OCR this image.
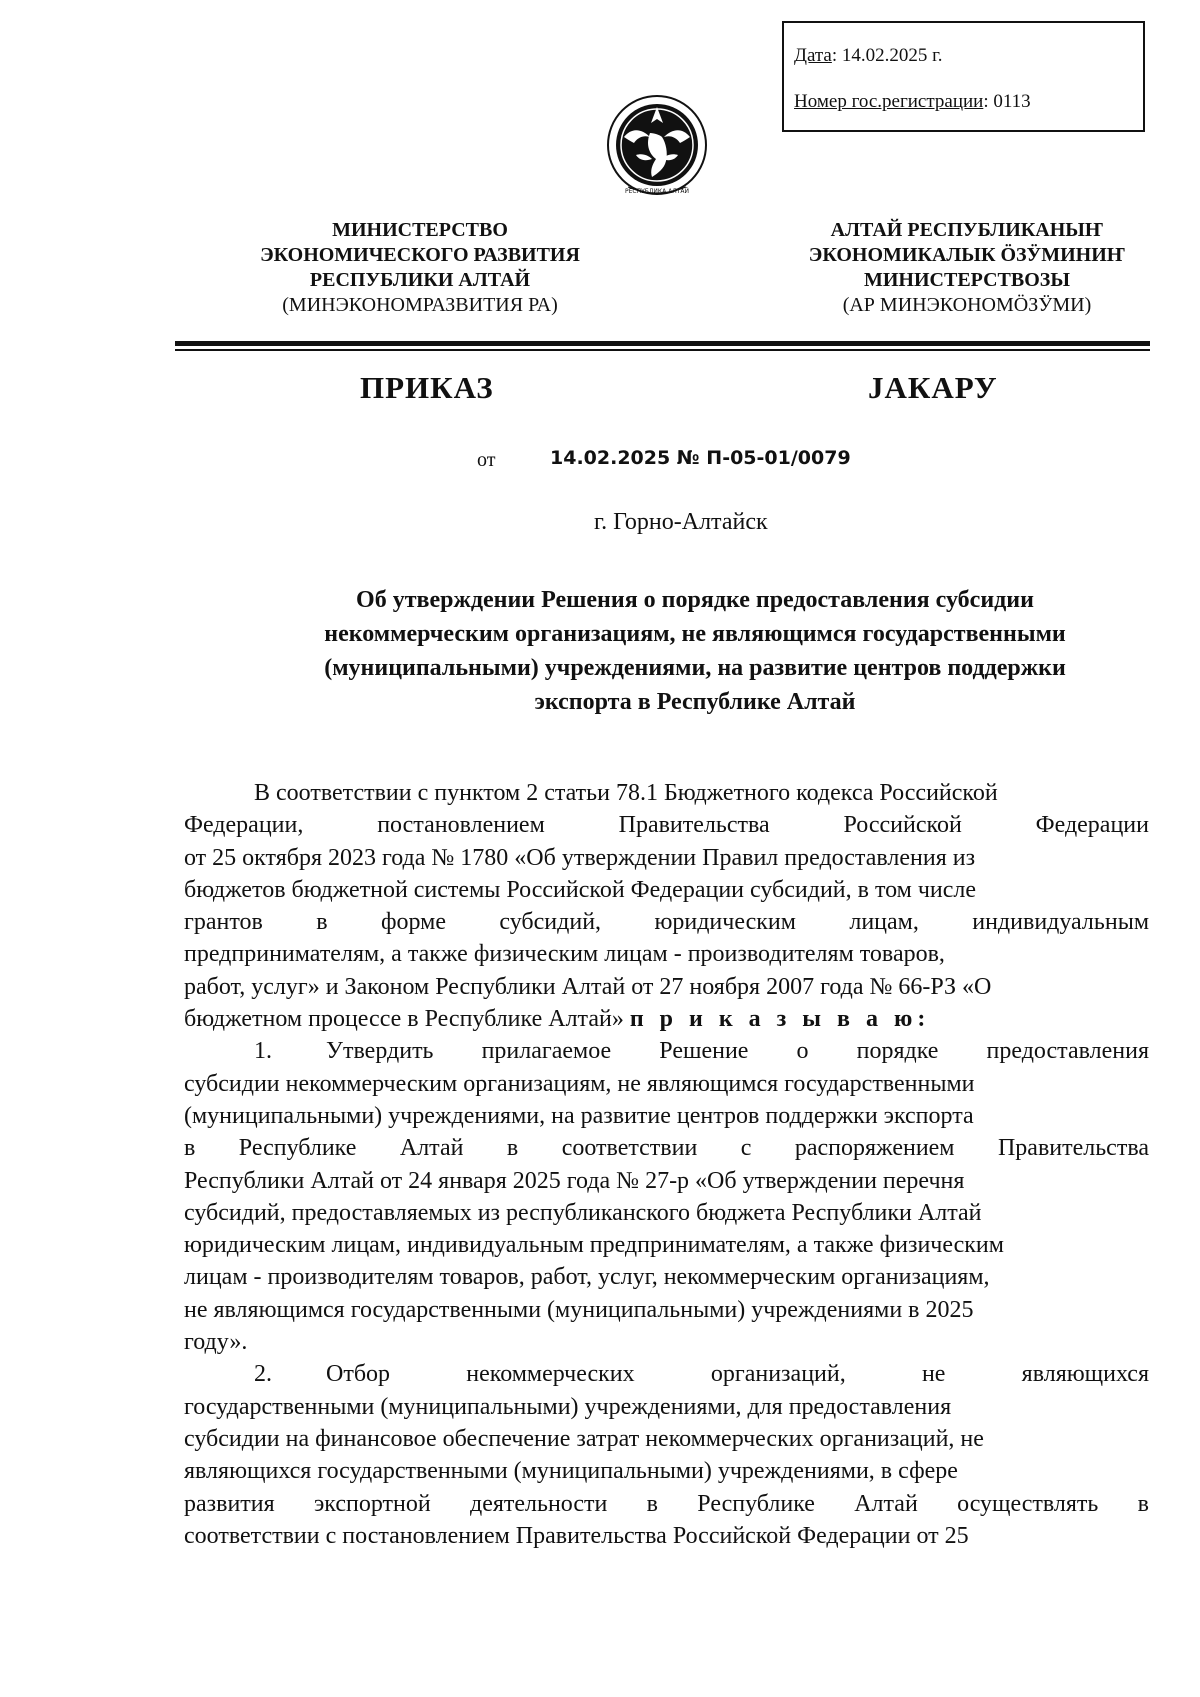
Дата: 14.02.2025 г.
Номер гос.регистрации: 0113
РЕСПУБЛИКА АЛТАЙ
МИНИСТЕРСТВО
ЭКОНОМИЧЕСКОГО РАЗВИТИЯ
РЕСПУБЛИКИ АЛТАЙ
(МИНЭКОНОМРАЗВИТИЯ РА)
АЛТАЙ РЕСПУБЛИКАНЫҤ
ЭКОНОМИКАЛЫК ÖЗӰМИНИҤ
МИНИСТЕРСТВОЗЫ
(АР МИНЭКОНОМÖЗӰМИ)
ПРИКАЗ	ЈАКАРУ
от	14.02.2025 № П-05-01/0079
г. Горно-Алтайск
Об утверждении Решения о порядке предоставления субсидии
некоммерческим организациям, не являющимся государственными
(муниципальными) учреждениями, на развитие центров поддержки
экспорта в Республике Алтай
В соответствии с пунктом 2 статьи 78.1 Бюджетного кодекса Российской
Федерации, постановлением Правительства Российской Федерации
от 25 октября 2023 года № 1780 «Об утверждении Правил предоставления из
бюджетов бюджетной системы Российской Федерации субсидий, в том числе
грантов в форме субсидий, юридическим лицам, индивидуальным
предпринимателям, а также физическим лицам - производителям товаров,
работ, услуг» и Законом Республики Алтай от 27 ноября 2007 года № 66-РЗ «О
бюджетном процессе в Республике Алтай» п р и к а з ы в а ю:
1. Утвердить прилагаемое Решение о порядке предоставления
субсидии некоммерческим организациям, не являющимся государственными
(муниципальными) учреждениями, на развитие центров поддержки экспорта
в Республике Алтай в соответствии с распоряжением Правительства
Республики Алтай от 24 января 2025 года № 27-р «Об утверждении перечня
субсидий, предоставляемых из республиканского бюджета Республики Алтай
юридическим лицам, индивидуальным предпринимателям, а также физическим
лицам - производителям товаров, работ, услуг, некоммерческим организациям,
не являющимся государственными (муниципальными) учреждениями в 2025
году».
2. Отбор некоммерческих организаций, не являющихся
государственными (муниципальными) учреждениями, для предоставления
субсидии на финансовое обеспечение затрат некоммерческих организаций, не
являющихся государственными (муниципальными) учреждениями, в сфере
развития экспортной деятельности в Республике Алтай осуществлять в
соответствии с постановлением Правительства Российской Федерации от 25
